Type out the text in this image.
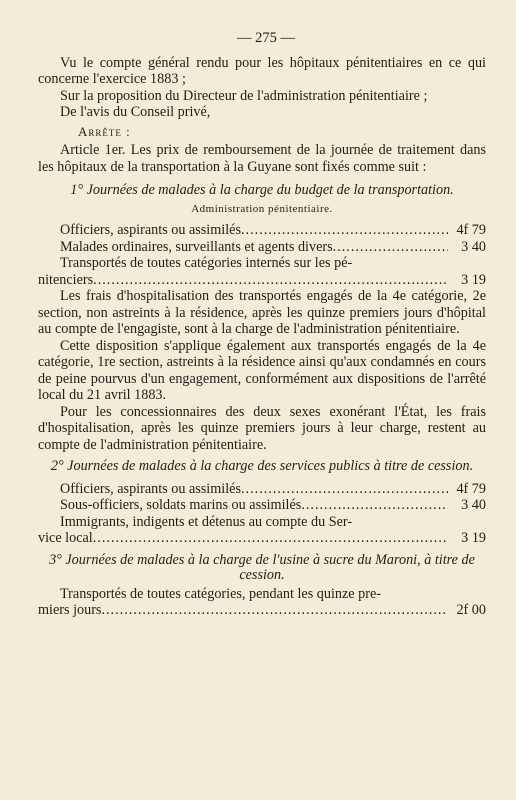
— 275 —

Vu le compte général rendu pour les hôpitaux pénitentiaires en ce qui concerne l'exercice 1883 ;

Sur la proposition du Directeur de l'administration pénitentiaire ;

De l'avis du Conseil privé,

Arrête :

Article 1er. Les prix de remboursement de la journée de traitement dans les hôpitaux de la transportation à la Guyane sont fixés comme suit :

1° Journées de malades à la charge du budget de la transportation.
Administration pénitentiaire.
Officiers, aspirants ou assimilés .....	4f 79
Malades ordinaires, surveillants et agents divers .....	3 40
Transportés de toutes catégories internés sur les pé-
nitenciers .....	3 19

Les frais d'hospitalisation des transportés engagés de la 4e catégorie, 2e section, non astreints à la résidence, après les quinze premiers jours d'hôpital au compte de l'engagiste, sont à la charge de l'administration pénitentiaire.

Cette disposition s'applique également aux transportés engagés de la 4e catégorie, 1re section, astreints à la résidence ainsi qu'aux condamnés en cours de peine pourvus d'un engagement, conformément aux dispositions de l'arrêté local du 21 avril 1883.

Pour les concessionnaires des deux sexes exonérant l'État, les frais d'hospitalisation, après les quinze premiers jours à leur charge, restent au compte de l'administration pénitentiaire.

2° Journées de malades à la charge des services publics à titre de cession.
Officiers, aspirants ou assimilés .....	4f 79
Sous-officiers, soldats marins ou assimilés .....	3 40
Immigrants, indigents et détenus au compte du Ser-
vice local .....	3 19
3° Journées de malades à la charge de l'usine à sucre du Maroni, à titre de cession.
Transportés de toutes catégories, pendant les quinze pre-
miers jours .....	2f 00
